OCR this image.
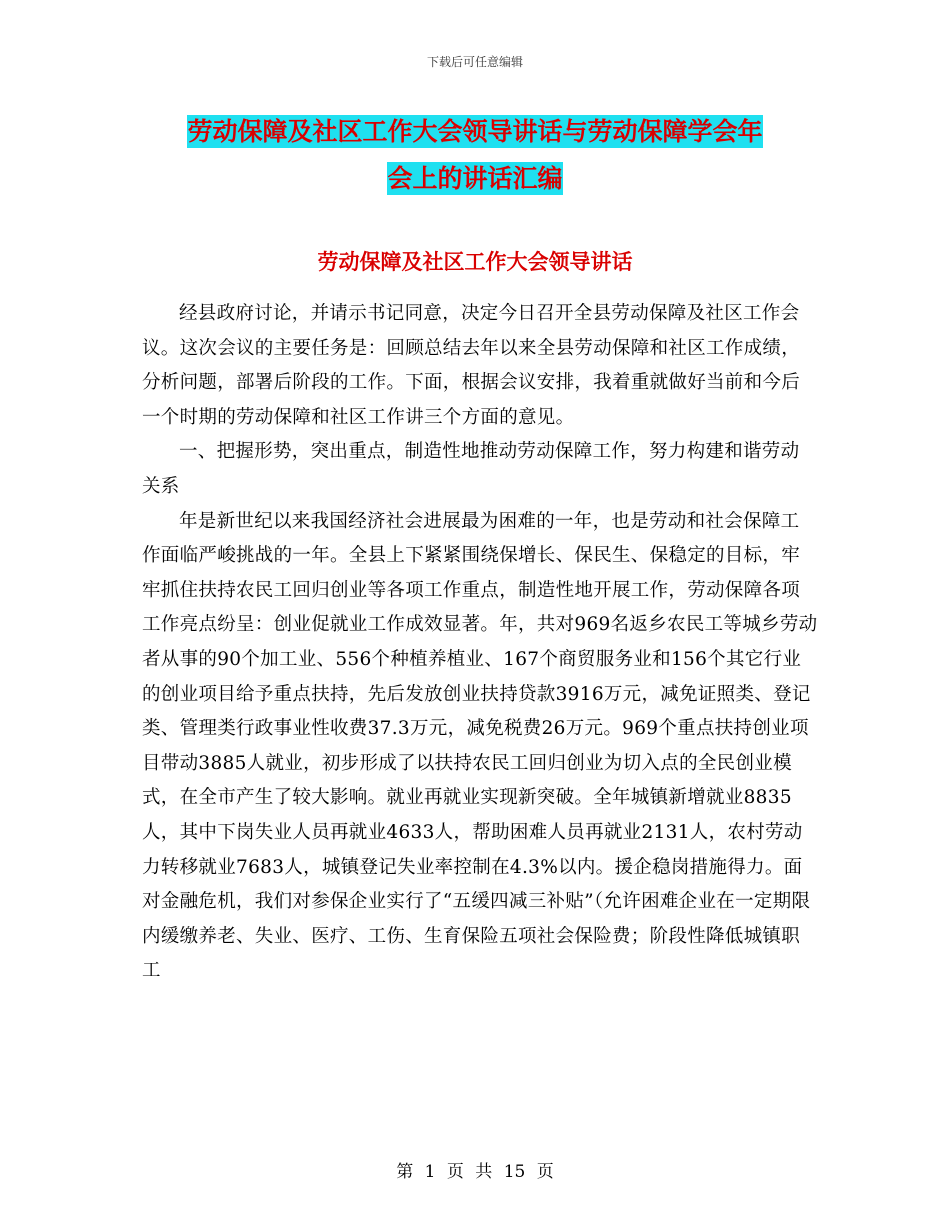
下载后可任意编辑
劳动保障及社区工作大会领导讲话与劳动保障学会年
会上的讲话汇编
劳动保障及社区工作大会领导讲话

经县政府讨论，并请示书记同意，决定今日召开全县劳动保障及社区工作会议。这次会议的主要任务是：回顾总结去年以来全县劳动保障和社区工作成绩，分析问题，部署后阶段的工作。下面，根据会议安排，我着重就做好当前和今后一个时期的劳动保障和社区工作讲三个方面的意见。

一、把握形势，突出重点，制造性地推动劳动保障工作，努力构建和谐劳动关系

年是新世纪以来我国经济社会进展最为困难的一年，也是劳动和社会保障工作面临严峻挑战的一年。全县上下紧紧围绕保增长、保民生、保稳定的目标，牢牢抓住扶持农民工回归创业等各项工作重点，制造性地开展工作，劳动保障各项工作亮点纷呈：创业促就业工作成效显著。年，共对969名返乡农民工等城乡劳动者从事的90个加工业、556个种植养植业、167个商贸服务业和156个其它行业的创业项目给予重点扶持，先后发放创业扶持贷款3916万元，减免证照类、登记类、管理类行政事业性收费37.3万元，减免税费26万元。969个重点扶持创业项目带动3885人就业，初步形成了以扶持农民工回归创业为切入点的全民创业模式，在全市产生了较大影响。就业再就业实现新突破。全年城镇新增就业8835人，其中下岗失业人员再就业4633人，帮助困难人员再就业2131人，农村劳动力转移就业7683人，城镇登记失业率控制在4.3%以内。援企稳岗措施得力。面对金融危机，我们对参保企业实行了“五缓四减三补贴”（允许困难企业在一定期限内缓缴养老、失业、医疗、工伤、生育保险五项社会保险费；阶段性降低城镇职工

第 1 页 共 15 页
